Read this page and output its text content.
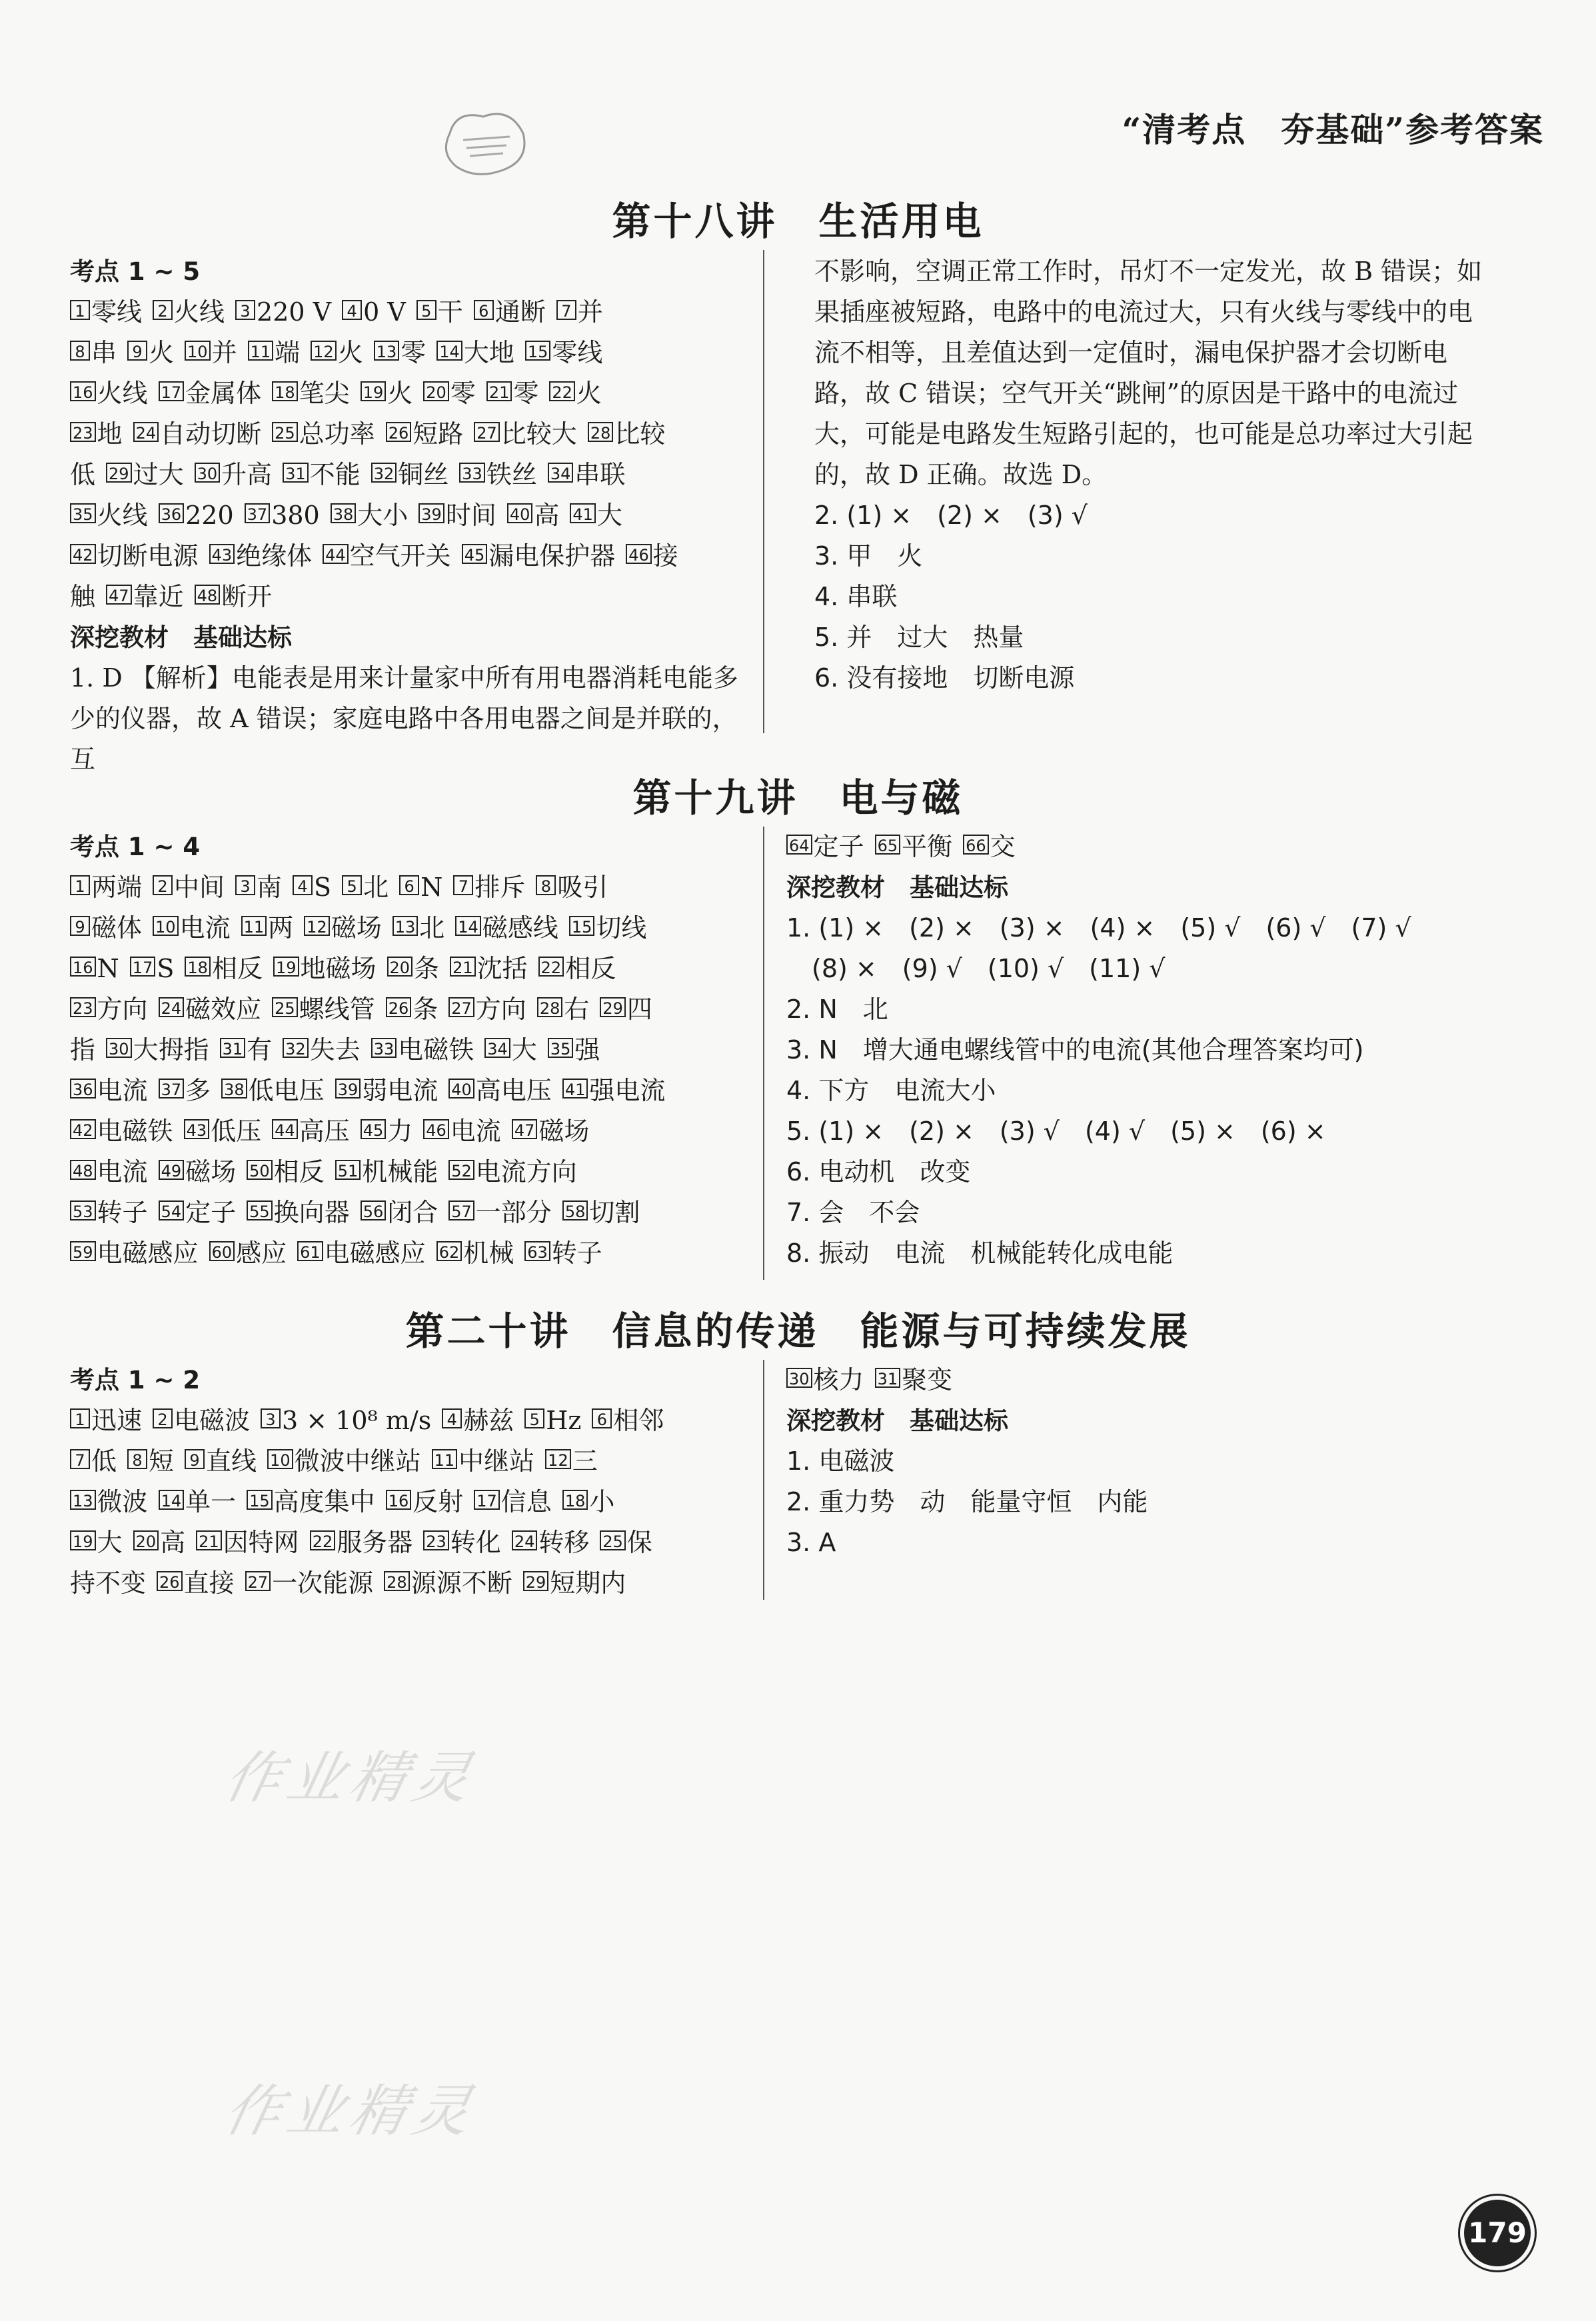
“清考点　夯基础”参考答案
第十八讲　生活用电
考点 1 ~ 5
1 零线 2 火线 3 220 V 4 0 V 5 干 6 通断 7 并
8 串 9 火 10 并 11 端 12 火 13 零 14 大地 15 零线
16 火线 17 金属体 18 笔尖 19 火 20 零 21 零 22 火
23 地 24 自动切断 25 总功率 26 短路 27 比较大 28 比较
低 29 过大 30 升高 31 不能 32 铜丝 33 铁丝 34 串联
35 火线 36 220 37 380 38 大小 39 时间 40 高 41 大
42 切断电源 43 绝缘体 44 空气开关 45 漏电保护器 46 接
触 47 靠近 48 断开
深挖教材　基础达标
1. D 【解析】电能表是用来计量家中所有用电器消耗电能多少的仪器，故 A 错误；家庭电路中各用电器之间是并联的，互
不影响，空调正常工作时，吊灯不一定发光，故 B 错误；如果插座被短路，电路中的电流过大，只有火线与零线中的电流不相等，且差值达到一定值时，漏电保护器才会切断电路，故 C 错误；空气开关“跳闸”的原因是干路中的电流过大，可能是电路发生短路引起的，也可能是总功率过大引起的，故 D 正确。故选 D。
2. (1) ×　(2) ×　(3) √
3. 甲　火
4. 串联
5. 并　过大　热量
6. 没有接地　切断电源
第十九讲　电与磁
考点 1 ~ 4
1 两端 2 中间 3 南 4 S 5 北 6 N 7 排斥 8 吸引
9 磁体 10 电流 11 两 12 磁场 13 北 14 磁感线 15 切线
16 N 17 S 18 相反 19 地磁场 20 条 21 沈括 22 相反
23 方向 24 磁效应 25 螺线管 26 条 27 方向 28 右 29 四
指 30 大拇指 31 有 32 失去 33 电磁铁 34 大 35 强
36 电流 37 多 38 低电压 39 弱电流 40 高电压 41 强电流
42 电磁铁 43 低压 44 高压 45 力 46 电流 47 磁场
48 电流 49 磁场 50 相反 51 机械能 52 电流方向
53 转子 54 定子 55 换向器 56 闭合 57 一部分 58 切割
59 电磁感应 60 感应 61 电磁感应 62 机械 63 转子
64 定子 65 平衡 66 交
深挖教材　基础达标
1. (1) ×　(2) ×　(3) ×　(4) ×　(5) √　(6) √　(7) √
　(8) ×　(9) √　(10) √　(11) √
2. N　北
3. N　增大通电螺线管中的电流(其他合理答案均可)
4. 下方　电流大小
5. (1) ×　(2) ×　(3) √　(4) √　(5) ×　(6) ×
6. 电动机　改变
7. 会　不会
8. 振动　电流　机械能转化成电能
第二十讲　信息的传递　能源与可持续发展
考点 1 ~ 2
1 迅速 2 电磁波 3 3 × 10⁸ m/s 4 赫兹 5 Hz 6 相邻
7 低 8 短 9 直线 10 微波中继站 11 中继站 12 三
13 微波 14 单一 15 高度集中 16 反射 17 信息 18 小
19 大 20 高 21 因特网 22 服务器 23 转化 24 转移 25 保
持不变 26 直接 27 一次能源 28 源源不断 29 短期内
30 核力 31 聚变
深挖教材　基础达标
1. 电磁波
2. 重力势　动　能量守恒　内能
3. A
作业精灵
作业精灵
179
